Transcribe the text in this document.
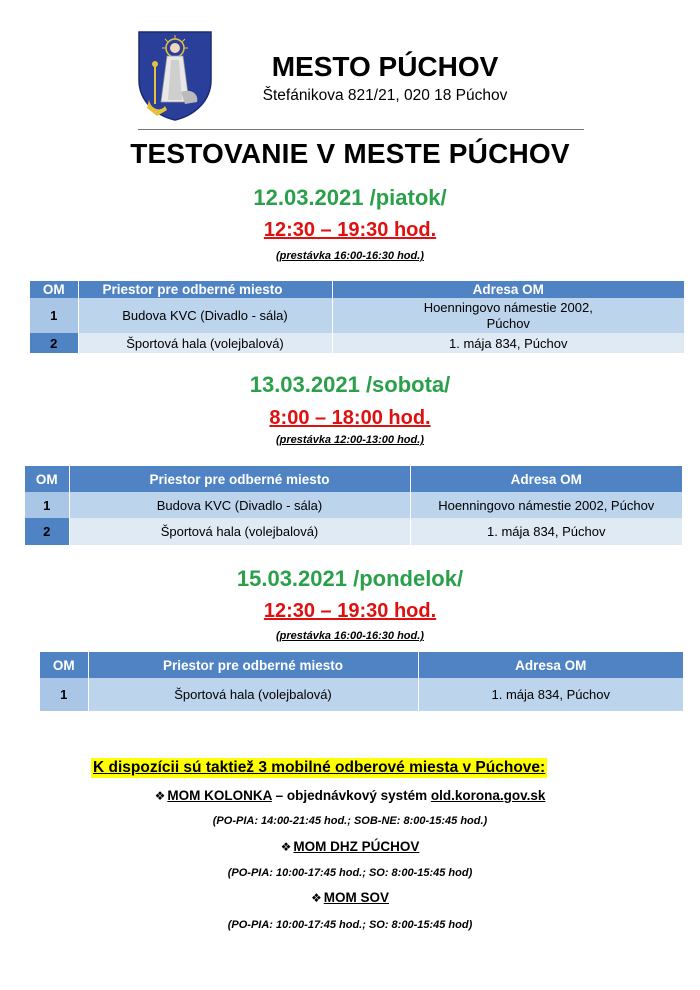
MESTO PÚCHOV
Štefánikova 821/21, 020 18 Púchov
TESTOVANIE V MESTE PÚCHOV
12.03.2021 /piatok/
12:30 – 19:30 hod.
(prestávka 16:00-16:30 hod.)
OM	Priestor pre odberné miesto	Adresa OM
1	Budova KVC (Divadlo - sála)	Hoenningovo námestie 2002, Púchov
2	Športová hala (volejbalová)	1. mája 834, Púchov
13.03.2021 /sobota/
8:00 – 18:00 hod.
(prestávka 12:00-13:00 hod.)
OM	Priestor pre odberné miesto	Adresa OM
1	Budova KVC (Divadlo - sála)	Hoenningovo námestie 2002, Púchov
2	Športová hala (volejbalová)	1. mája 834, Púchov
15.03.2021 /pondelok/
12:30 – 19:30 hod.
(prestávka 16:00-16:30 hod.)
OM	Priestor pre odberné miesto	Adresa OM
1	Športová hala (volejbalová)	1. mája 834, Púchov
K dispozícii sú taktiež 3 mobilné odberové miesta v Púchove:
❖ MOM KOLONKA – objednávkový systém old.korona.gov.sk
(PO-PIA: 14:00-21:45 hod.; SOB-NE: 8:00-15:45 hod.)
❖ MOM DHZ PÚCHOV
(PO-PIA: 10:00-17:45 hod.; SO: 8:00-15:45 hod)
❖ MOM SOV
(PO-PIA: 10:00-17:45 hod.; SO: 8:00-15:45 hod)
